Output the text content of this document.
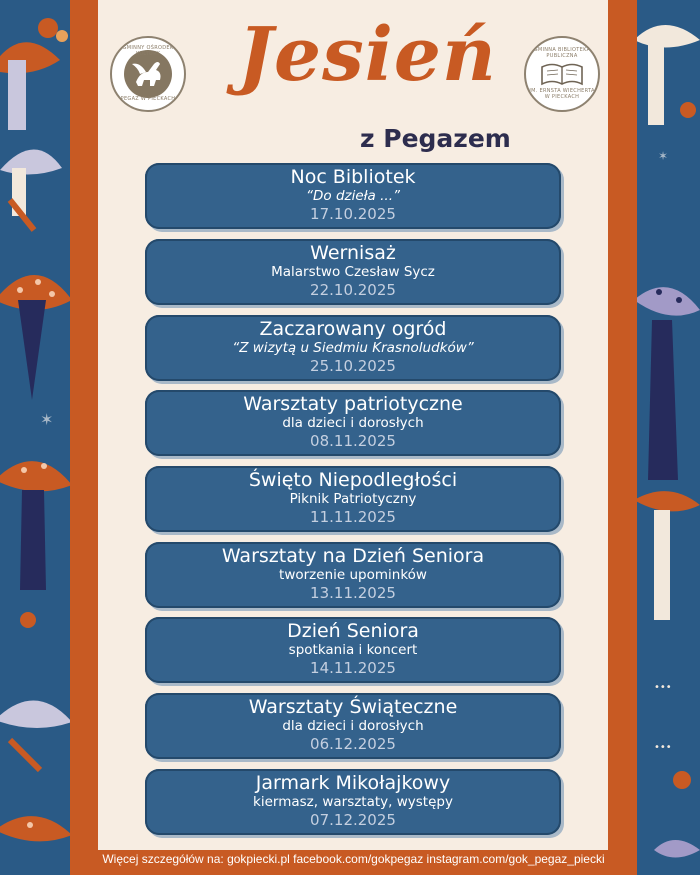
✶
✶
•••
•••
GMINNY OŚRODEK KULTURY
PEGAZ W PIECKACH
GMINNA BIBLIOTEKA PUBLICZNA
IM. ERNSTA WIECHERTA W PIECKACH
Jesień
z Pegazem
Noc Bibliotek
“Do dzieła ...”
17.10.2025
Wernisaż
Malarstwo Czesław Sycz
22.10.2025
Zaczarowany ogród
“Z wizytą u Siedmiu Krasnoludków”
25.10.2025
Warsztaty patriotyczne
dla dzieci i dorosłych
08.11.2025
Święto Niepodległości
Piknik Patriotyczny
11.11.2025
Warsztaty na Dzień Seniora
tworzenie upominków
13.11.2025
Dzień Seniora
spotkania i koncert
14.11.2025
Warsztaty Świąteczne
dla dzieci i dorosłych
06.12.2025
Jarmark Mikołajkowy
kiermasz, warsztaty, występy
07.12.2025
Więcej szczegółów na: gokpiecki.pl facebook.com/gokpegaz instagram.com/gok_pegaz_piecki
